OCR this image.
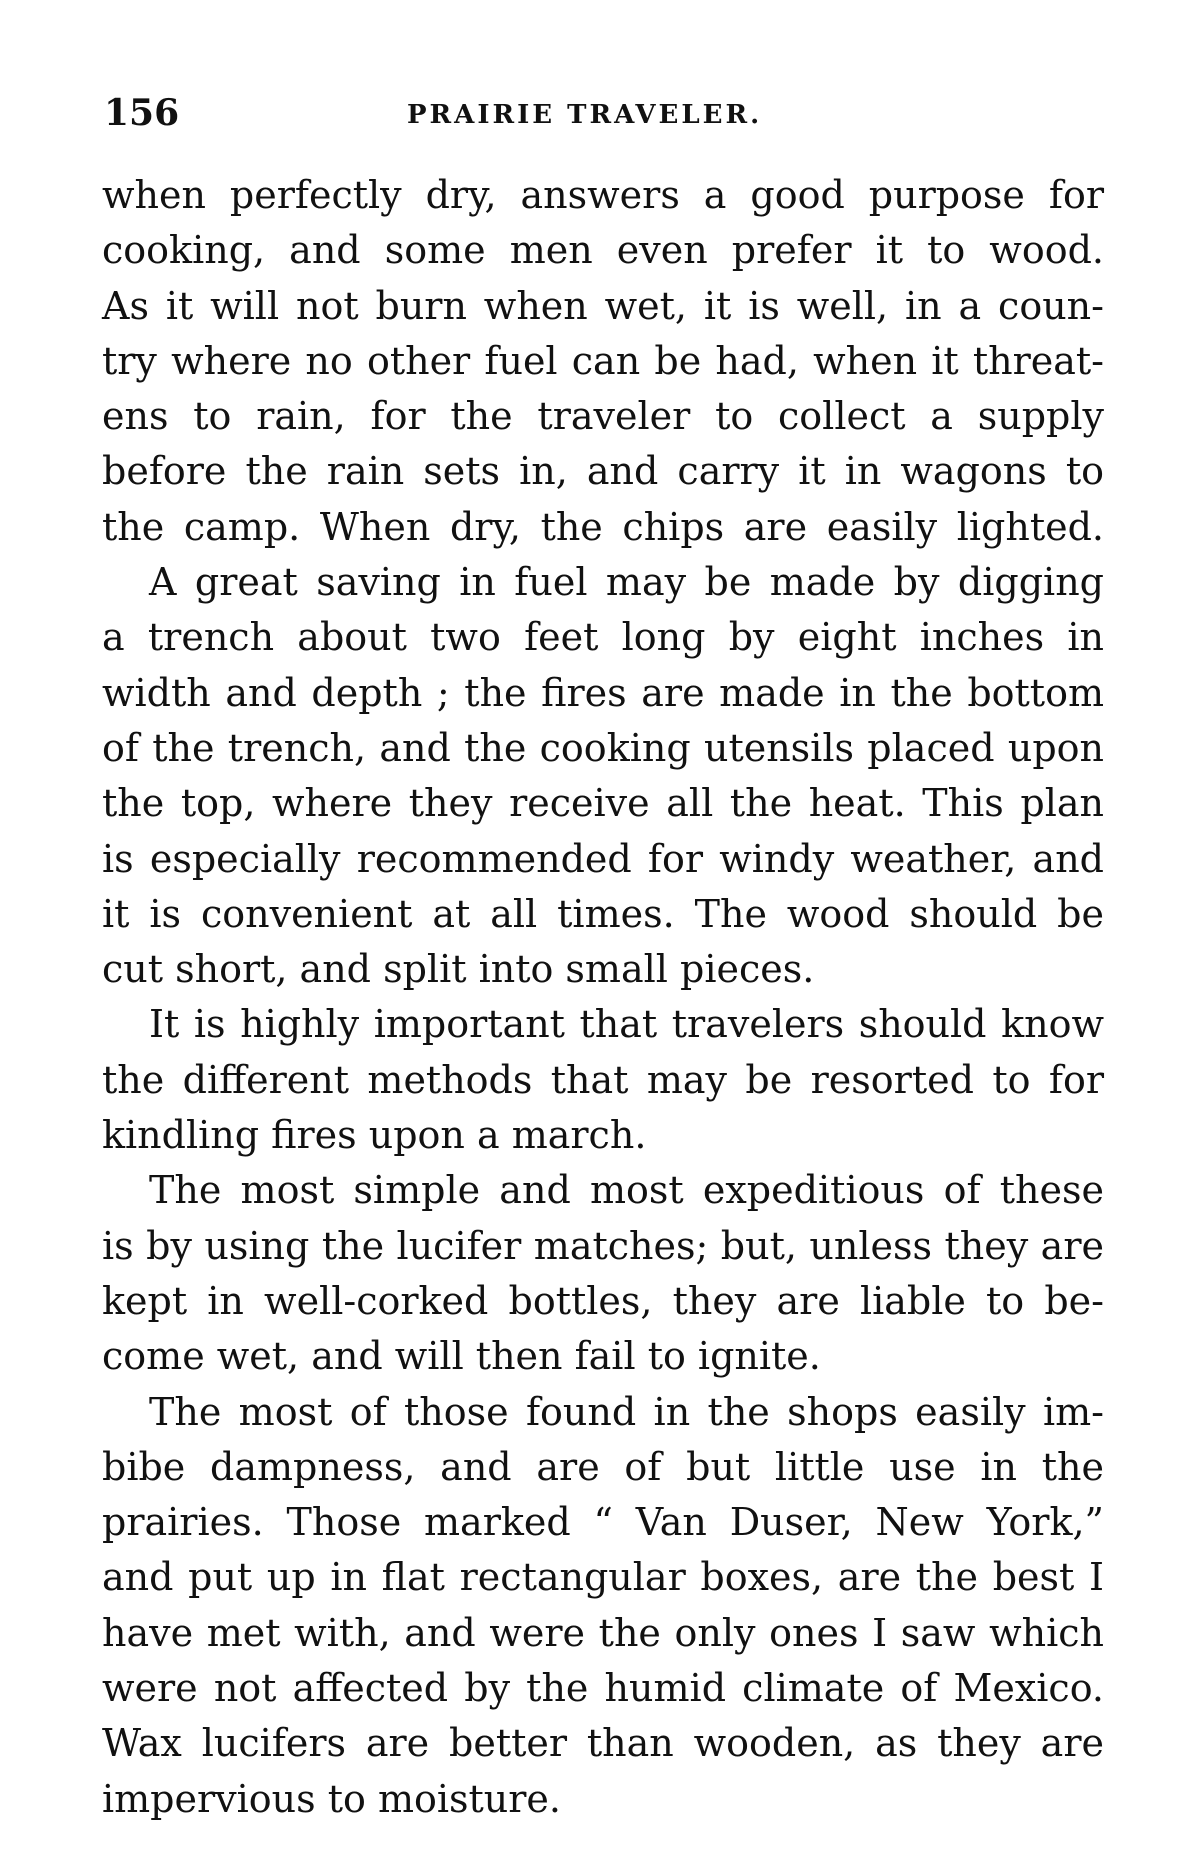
156	PRAIRIE TRAVELER.
when perfectly dry, answers a good purpose for
cooking, and some men even prefer it to wood.
As it will not burn when wet, it is well, in a coun-
try where no other fuel can be had, when it threat-
ens to rain, for the traveler to collect a supply
before the rain sets in, and carry it in wagons to
the camp. When dry, the chips are easily lighted.
A great saving in fuel may be made by digging
a trench about two feet long by eight inches in
width and depth ; the fires are made in the bottom
of the trench, and the cooking utensils placed upon
the top, where they receive all the heat. This plan
is especially recommended for windy weather, and
it is convenient at all times. The wood should be
cut short, and split into small pieces.
It is highly important that travelers should know
the different methods that may be resorted to for
kindling fires upon a march.
The most simple and most expeditious of these
is by using the lucifer matches; but, unless they are
kept in well-corked bottles, they are liable to be-
come wet, and will then fail to ignite.
The most of those found in the shops easily im-
bibe dampness, and are of but little use in the
prairies. Those marked “ Van Duser, New York,”
and put up in flat rectangular boxes, are the best I
have met with, and were the only ones I saw which
were not affected by the humid climate of Mexico.
Wax lucifers are better than wooden, as they are
impervious to moisture.
